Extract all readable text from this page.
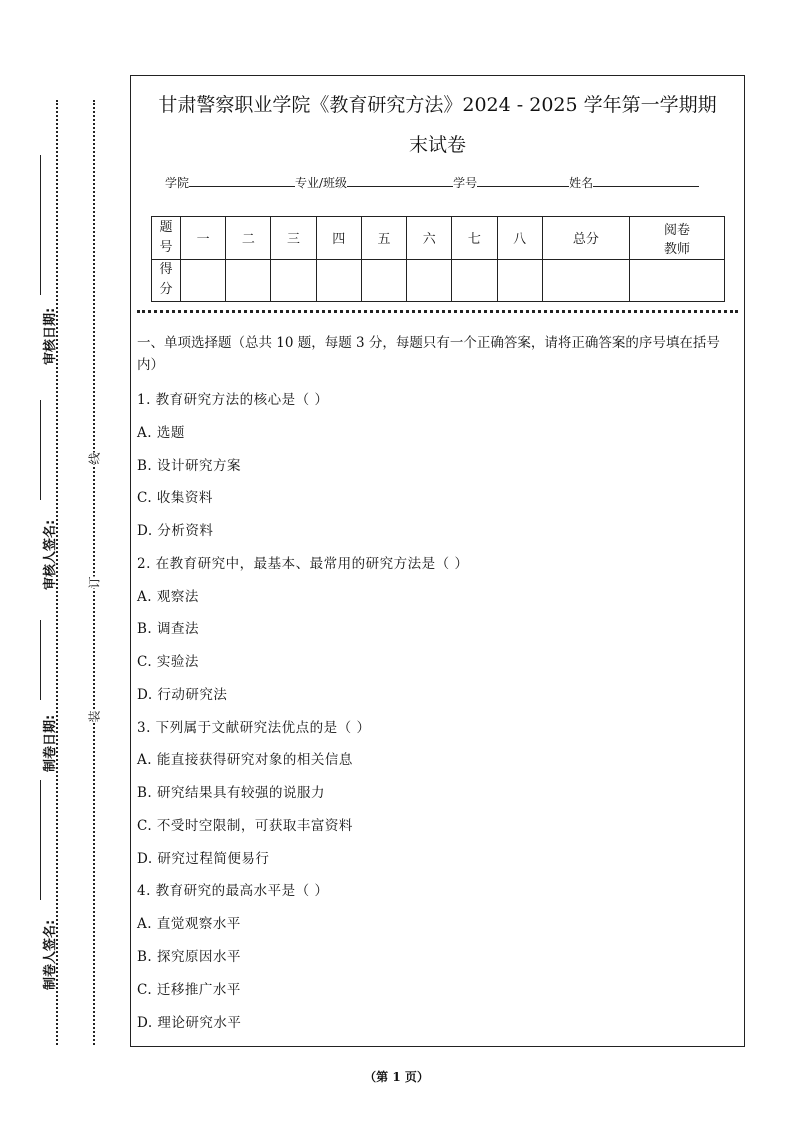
审核日期:
审核人签名:
制卷日期:
制卷人签名:
线
订
装
甘肃警察职业学院《教育研究方法》2024 - 2025 学年第一学期期
末试卷
学院	专业/班级	学号	姓名
题
号	一	二	三	四	五	六	七	八	总分	阅卷
教师
得
分										
一、单项选择题（总共 10 题，每题 3 分，每题只有一个正确答案，请将正确答案的序号填在括号内）
1. 教育研究方法的核心是（ ）
A. 选题
B. 设计研究方案
C. 收集资料
D. 分析资料
2. 在教育研究中，最基本、最常用的研究方法是（ ）
A. 观察法
B. 调查法
C. 实验法
D. 行动研究法
3. 下列属于文献研究法优点的是（ ）
A. 能直接获得研究对象的相关信息
B. 研究结果具有较强的说服力
C. 不受时空限制，可获取丰富资料
D. 研究过程简便易行
4. 教育研究的最高水平是（ ）
A. 直觉观察水平
B. 探究原因水平
C. 迁移推广水平
D. 理论研究水平
（第 1 页）
